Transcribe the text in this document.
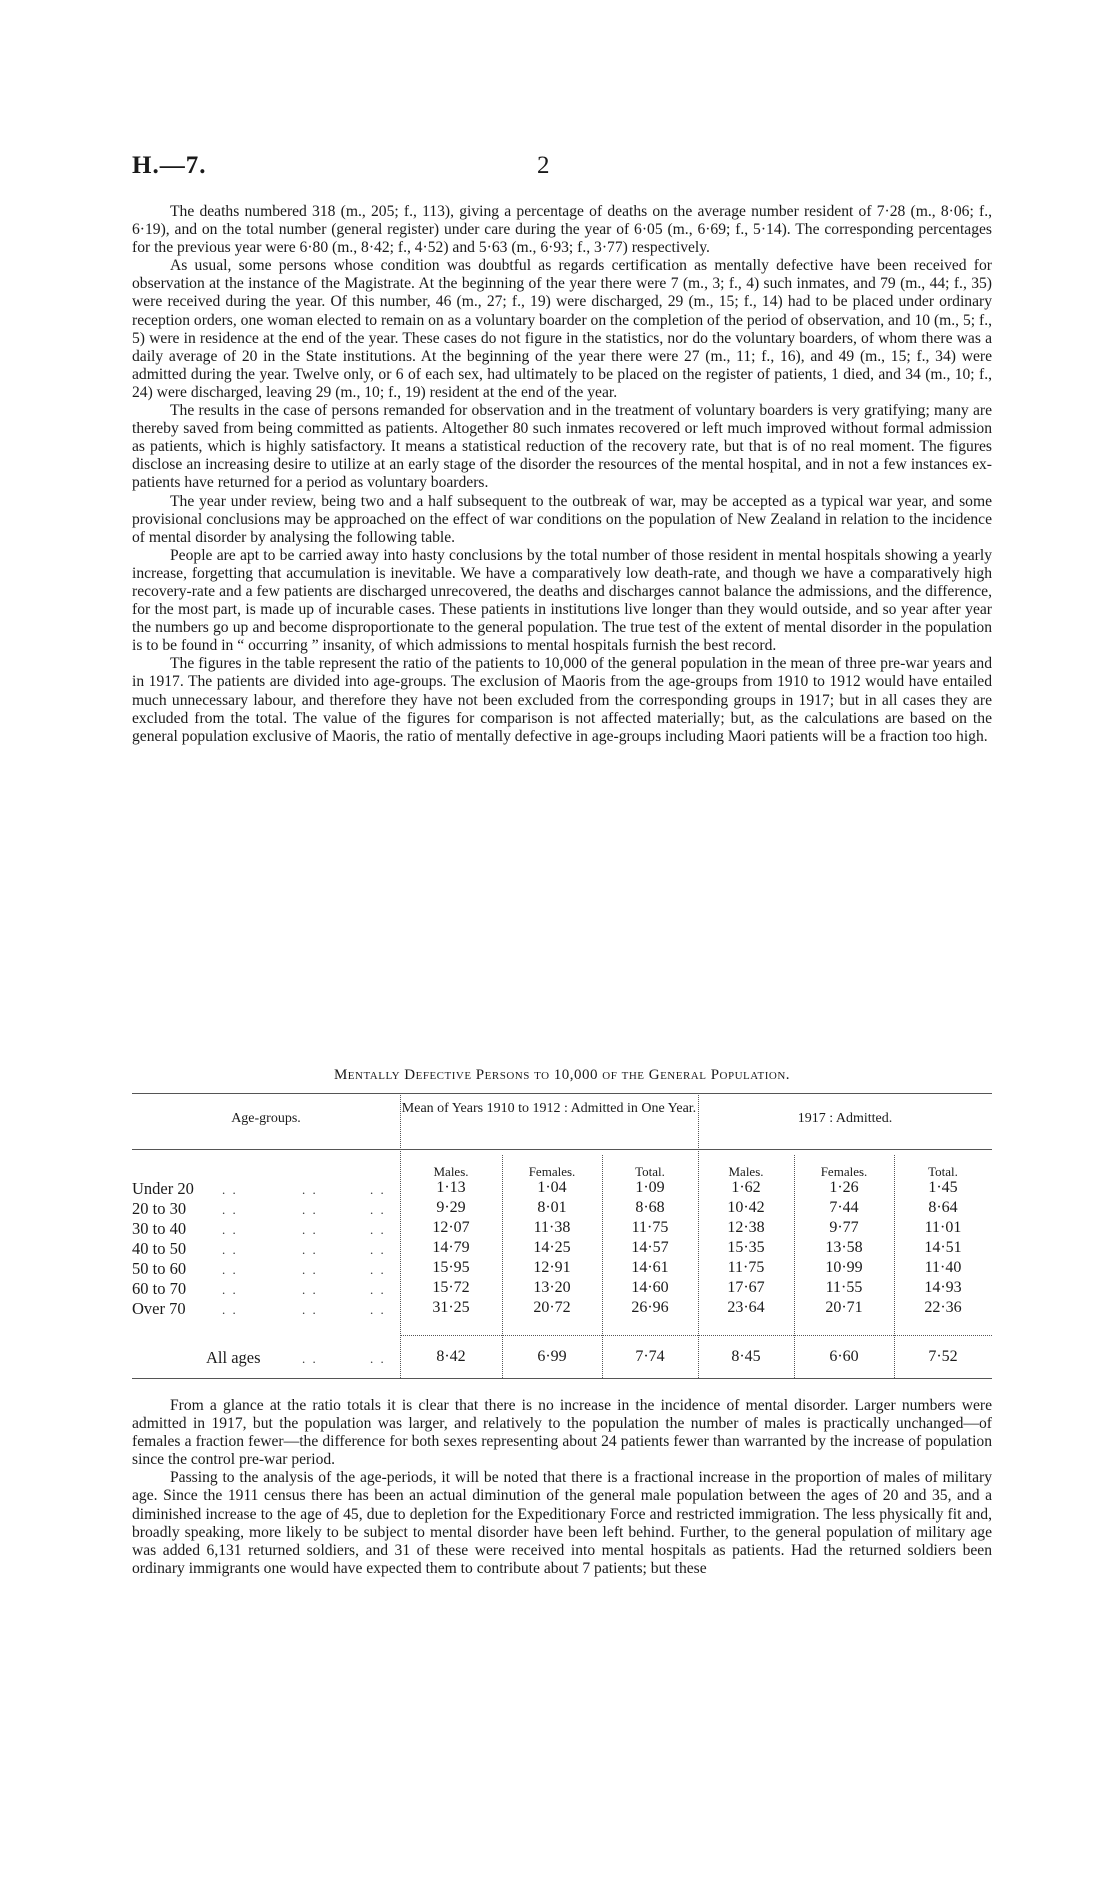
H.—7.	2

The deaths numbered 318 (m., 205; f., 113), giving a percentage of deaths on the average number resident of 7·28 (m., 8·06; f., 6·19), and on the total number (general register) under care during the year of 6·05 (m., 6·69; f., 5·14). The corresponding percentages for the previous year were 6·80 (m., 8·42; f., 4·52) and 5·63 (m., 6·93; f., 3·77) respectively.

As usual, some persons whose condition was doubtful as regards certification as mentally defective have been received for observation at the instance of the Magistrate. At the beginning of the year there were 7 (m., 3; f., 4) such inmates, and 79 (m., 44; f., 35) were received during the year. Of this number, 46 (m., 27; f., 19) were discharged, 29 (m., 15; f., 14) had to be placed under ordinary reception orders, one woman elected to remain on as a voluntary boarder on the completion of the period of observation, and 10 (m., 5; f., 5) were in residence at the end of the year. These cases do not figure in the statistics, nor do the voluntary boarders, of whom there was a daily average of 20 in the State institutions. At the beginning of the year there were 27 (m., 11; f., 16), and 49 (m., 15; f., 34) were admitted during the year. Twelve only, or 6 of each sex, had ultimately to be placed on the register of patients, 1 died, and 34 (m., 10; f., 24) were discharged, leaving 29 (m., 10; f., 19) resident at the end of the year.

The results in the case of persons remanded for observation and in the treatment of voluntary boarders is very gratifying; many are thereby saved from being committed as patients. Altogether 80 such inmates recovered or left much improved without formal admission as patients, which is highly satisfactory. It means a statistical reduction of the recovery rate, but that is of no real moment. The figures disclose an increasing desire to utilize at an early stage of the disorder the resources of the mental hospital, and in not a few instances ex-patients have returned for a period as voluntary boarders.

The year under review, being two and a half subsequent to the outbreak of war, may be accepted as a typical war year, and some provisional conclusions may be approached on the effect of war conditions on the population of New Zealand in relation to the incidence of mental disorder by analysing the following table.

People are apt to be carried away into hasty conclusions by the total number of those resident in mental hospitals showing a yearly increase, forgetting that accumulation is inevitable. We have a comparatively low death-rate, and though we have a comparatively high recovery-rate and a few patients are discharged unrecovered, the deaths and discharges cannot balance the admissions, and the difference, for the most part, is made up of incurable cases. These patients in institutions live longer than they would outside, and so year after year the numbers go up and become disproportionate to the general population. The true test of the extent of mental disorder in the population is to be found in “ occurring ” insanity, of which admissions to mental hospitals furnish the best record.

The figures in the table represent the ratio of the patients to 10,000 of the general population in the mean of three pre-war years and in 1917. The patients are divided into age-groups. The exclusion of Maoris from the age-groups from 1910 to 1912 would have entailed much unnecessary labour, and therefore they have not been excluded from the corresponding groups in 1917; but in all cases they are excluded from the total. The value of the figures for comparison is not affected materially; but, as the calculations are based on the general population exclusive of Maoris, the ratio of mentally defective in age-groups including Maori patients will be a fraction too high.

Mentally Defective Persons to 10,000 of the General Population.
Age-groups.
Mean of Years 1910 to 1912 : Admitted in One Year.
1917 : Admitted.
Males.	Females.	Total.	Males.	Females.	Total.
Under 20 . .	. .	. .	1·13	1·04	1·09	1·62	1·26	1·45
20 to 30	. .	. .	. .	9·29	8·01	8·68	10·42	7·44	8·64
30 to 40	. .	. .	. .	12·07	11·38	11·75	12·38	9·77	11·01
40 to 50	. .	. .	. .	14·79	14·25	14·57	15·35	13·58	14·51
50 to 60	. .	. .	. .	15·95	12·91	14·61	11·75	10·99	11·40
60 to 70	. .	. .	. .	15·72	13·20	14·60	17·67	11·55	14·93
Over 70	. .	. .	. .	31·25	20·72	26·96	23·64	20·71	22·36
All ages	. .	. .	8·42	6·99	7·74	8·45	6·60	7·52

From a glance at the ratio totals it is clear that there is no increase in the incidence of mental disorder. Larger numbers were admitted in 1917, but the population was larger, and relatively to the population the number of males is practically unchanged—of females a fraction fewer—the difference for both sexes representing about 24 patients fewer than warranted by the increase of population since the control pre-war period.

Passing to the analysis of the age-periods, it will be noted that there is a fractional increase in the proportion of males of military age. Since the 1911 census there has been an actual diminution of the general male population between the ages of 20 and 35, and a diminished increase to the age of 45, due to depletion for the Expeditionary Force and restricted immigration. The less physically fit and, broadly speaking, more likely to be subject to mental disorder have been left behind. Further, to the general population of military age was added 6,131 returned soldiers, and 31 of these were received into mental hospitals as patients. Had the returned soldiers been ordinary immigrants one would have expected them to contribute about 7 patients; but these
